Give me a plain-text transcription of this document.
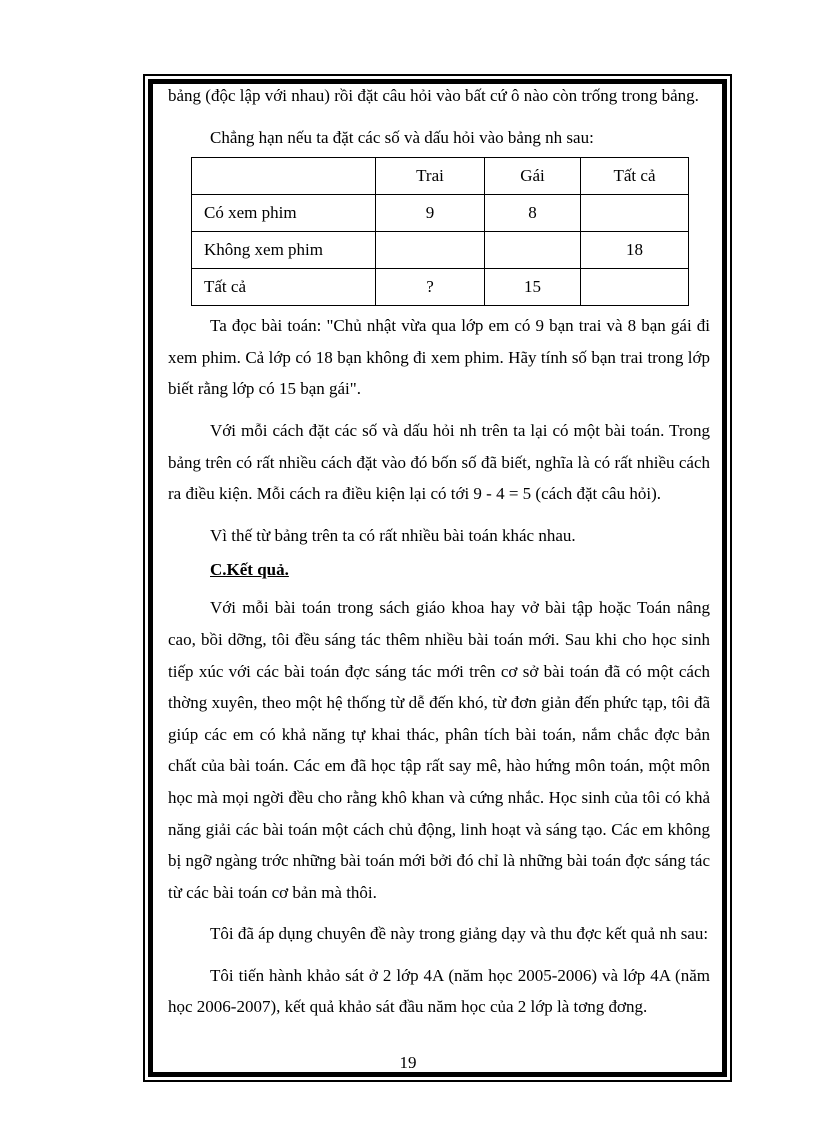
bảng (độc lập với nhau) rồi đặt câu hỏi vào bất cứ ô nào còn trống trong bảng.

Chẳng hạn nếu ta đặt các số và dấu hỏi vào bảng nh sau:

	Trai	Gái	Tất cả
Có xem phim	9	8	
Không xem phim			18
Tất cả	?	15	

Ta đọc bài toán: "Chủ nhật vừa qua lớp em có 9 bạn trai và 8 bạn gái đi xem phim. Cả lớp có 18 bạn không đi xem phim. Hãy tính số bạn trai trong lớp biết rằng lớp có 15 bạn gái".

Với mỗi cách đặt các số và dấu hỏi nh trên ta lại có một bài toán. Trong bảng trên có rất nhiều cách đặt vào đó bốn số đã biết, nghĩa là có rất nhiều cách ra điều kiện. Mỗi cách ra điều kiện lại có tới 9 - 4 = 5 (cách đặt câu hỏi).

Vì thế từ bảng trên ta có rất nhiều bài toán khác nhau.

C.Kết quả.

Với mỗi bài toán trong sách giáo khoa hay vở bài tập hoặc Toán nâng cao, bồi dỡng, tôi đều sáng tác thêm nhiều bài toán mới. Sau khi cho học sinh tiếp xúc với các bài toán đợc sáng tác mới trên cơ sở bài toán đã có một cách thờng xuyên, theo một hệ thống từ dễ đến khó, từ đơn giản đến phức tạp, tôi đã giúp các em có khả năng tự khai thác, phân tích bài toán, nắm chắc đợc bản chất của bài toán. Các em đã học tập rất say mê, hào hứng môn toán, một môn học mà mọi ngời đều cho rằng khô khan và cứng nhắc. Học sinh của tôi có khả năng giải các bài toán một cách chủ động, linh hoạt và sáng tạo. Các em không bị ngỡ ngàng trớc những bài toán mới bởi đó chỉ là những bài toán đợc sáng tác từ các bài toán cơ bản mà thôi.

Tôi đã áp dụng chuyên đề này trong giảng dạy và thu đợc kết quả nh sau:

Tôi tiến hành khảo sát ở 2 lớp 4A (năm học 2005-2006) và lớp 4A (năm học 2006-2007), kết quả khảo sát đầu năm học của 2 lớp là tơng đơng.

19
